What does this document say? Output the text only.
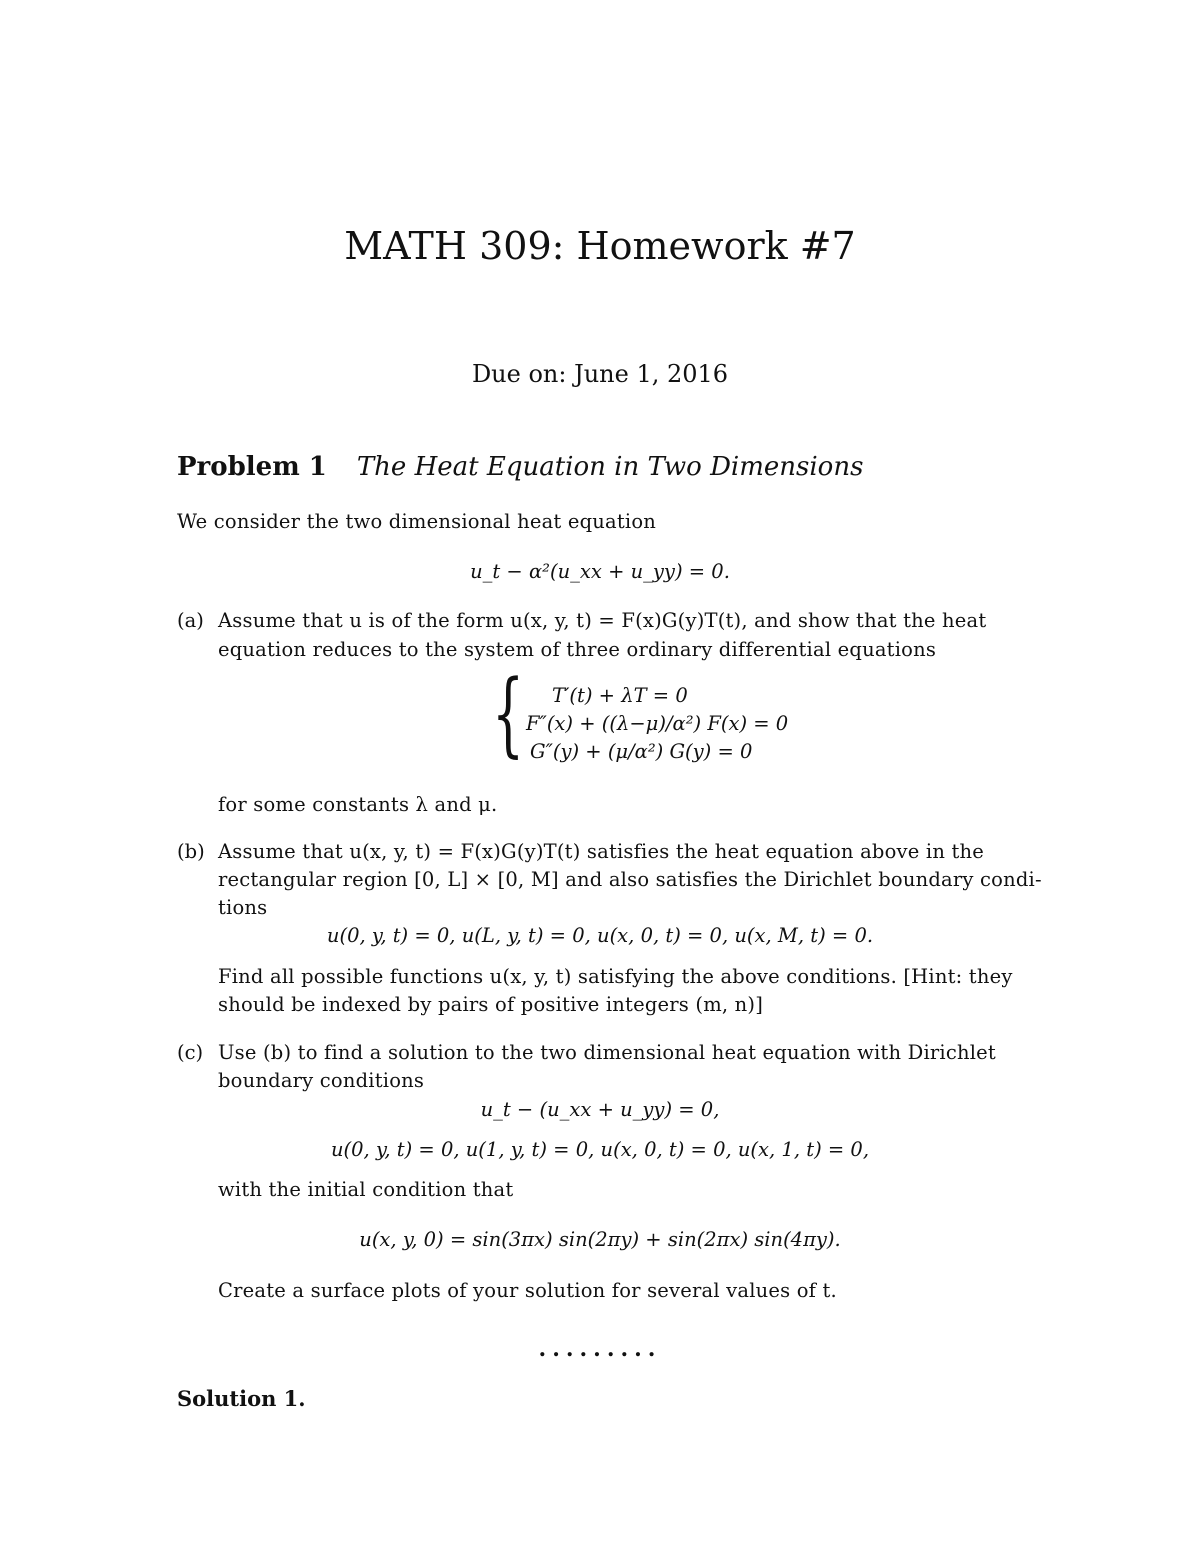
MATH 309: Homework #7
Due on: June 1, 2016
Problem 1 The Heat Equation in Two Dimensions
We consider the two dimensional heat equation
u_t − α²(u_xx + u_yy) = 0.
(a) Assume that u is of the form u(x, y, t) = F(x)G(y)T(t), and show that the heat
equation reduces to the system of three ordinary differential equations
{ T′(t) + λT = 0
F″(x) + ((λ−μ)/α²) F(x) = 0
G″(y) + (μ/α²) G(y) = 0
for some constants λ and μ.
(b) Assume that u(x, y, t) = F(x)G(y)T(t) satisfies the heat equation above in the
rectangular region [0, L] × [0, M] and also satisfies the Dirichlet boundary condi-
tions
u(0, y, t) = 0, u(L, y, t) = 0, u(x, 0, t) = 0, u(x, M, t) = 0.
Find all possible functions u(x, y, t) satisfying the above conditions. [Hint: they
should be indexed by pairs of positive integers (m, n)]
(c) Use (b) to find a solution to the two dimensional heat equation with Dirichlet
boundary conditions
u_t − (u_xx + u_yy) = 0,
u(0, y, t) = 0, u(1, y, t) = 0, u(x, 0, t) = 0, u(x, 1, t) = 0,
with the initial condition that
u(x, y, 0) = sin(3πx) sin(2πy) + sin(2πx) sin(4πy).
Create a surface plots of your solution for several values of t.
.........
Solution 1.
